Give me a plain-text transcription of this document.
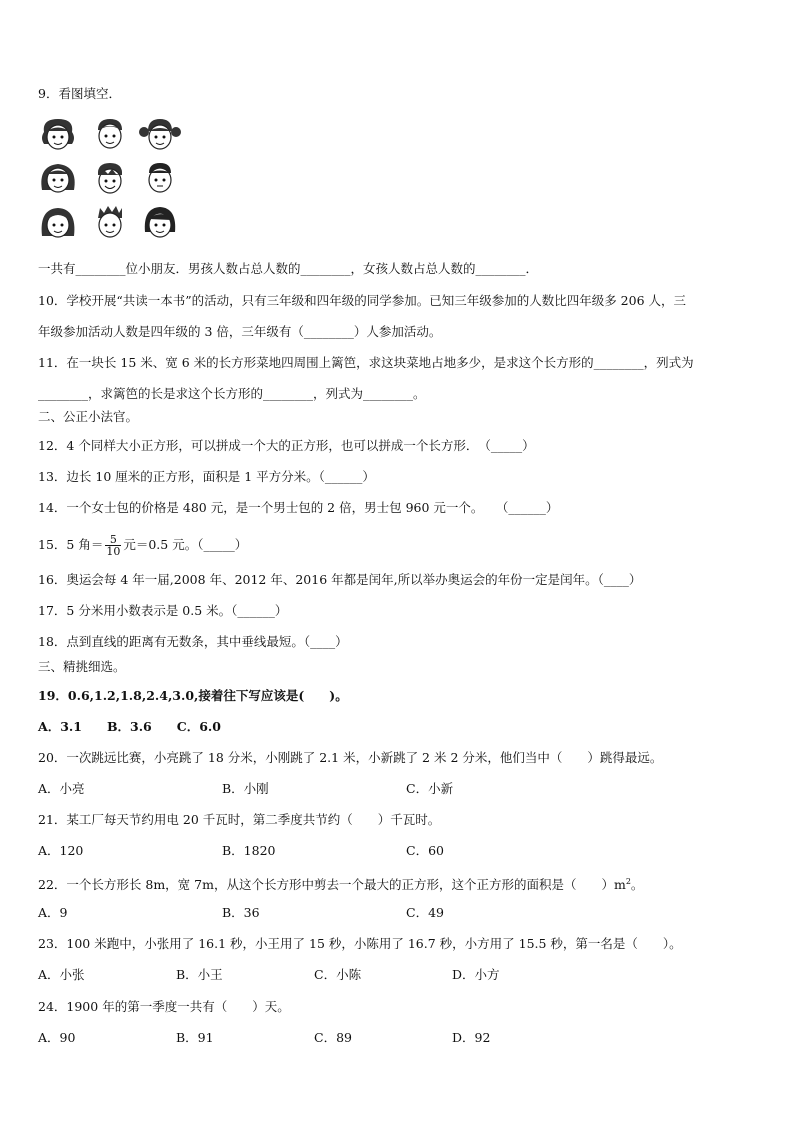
9．看图填空．
一共有________位小朋友．男孩人数占总人数的________，女孩人数占总人数的________．
10．学校开展“共读一本书”的活动，只有三年级和四年级的同学参加。已知三年级参加的人数比四年级多 206 人，三
年级参加活动人数是四年级的 3 倍，三年级有（________）人参加活动。
11．在一块长 15 米、宽 6 米的长方形菜地四周围上篱笆，求这块菜地占地多少，是求这个长方形的________，列式为
________，求篱笆的长是求这个长方形的________，列式为________。
二、公正小法官。
12．4 个同样大小正方形，可以拼成一个大的正方形，也可以拼成一个长方形．　（_____）
13．边长 10 厘米的正方形，面积是 1 平方分米。（______）
14．一个女士包的价格是 480 元，是一个男士包的 2 倍，男士包 960 元一个。　　（______）
15．5 角＝ $\frac{5}{10}$ 元＝0.5 元。（_____）
16．奥运会每 4 年一届,2008 年、2012 年、2016 年都是闰年,所以举办奥运会的年份一定是闰年。（____）
17．5 分米用小数表示是 0.5 米。（______）
18．点到直线的距离有无数条，其中垂线最短。（____）
三、精挑细选。
19．0.6,1.2,1.8,2.4,3.0,接着往下写应该是(　　)。
A．3.1　　B．3.6　　C．6.0
20．一次跳远比赛，小亮跳了 18 分米，小刚跳了 2.1 米，小新跳了 2 米 2 分米，他们当中（　　）跳得最远。
A．小亮	B．小刚	C．小新
21．某工厂每天节约用电 20 千瓦时，第二季度共节约（　　）千瓦时。
A．120	B．1820	C．60
22．一个长方形长 8m，宽 7m，从这个长方形中剪去一个最大的正方形，这个正方形的面积是（　　）$m^2$。
A．9	B．36	C．49
23．100 米跑中，小张用了 16.1 秒，小王用了 15 秒，小陈用了 16.7 秒，小方用了 15.5 秒，第一名是（　　）。
A．小张	B．小王	C．小陈	D．小方
24．1900 年的第一季度一共有（　　）天。
A．90	B．91	C．89	D．92
